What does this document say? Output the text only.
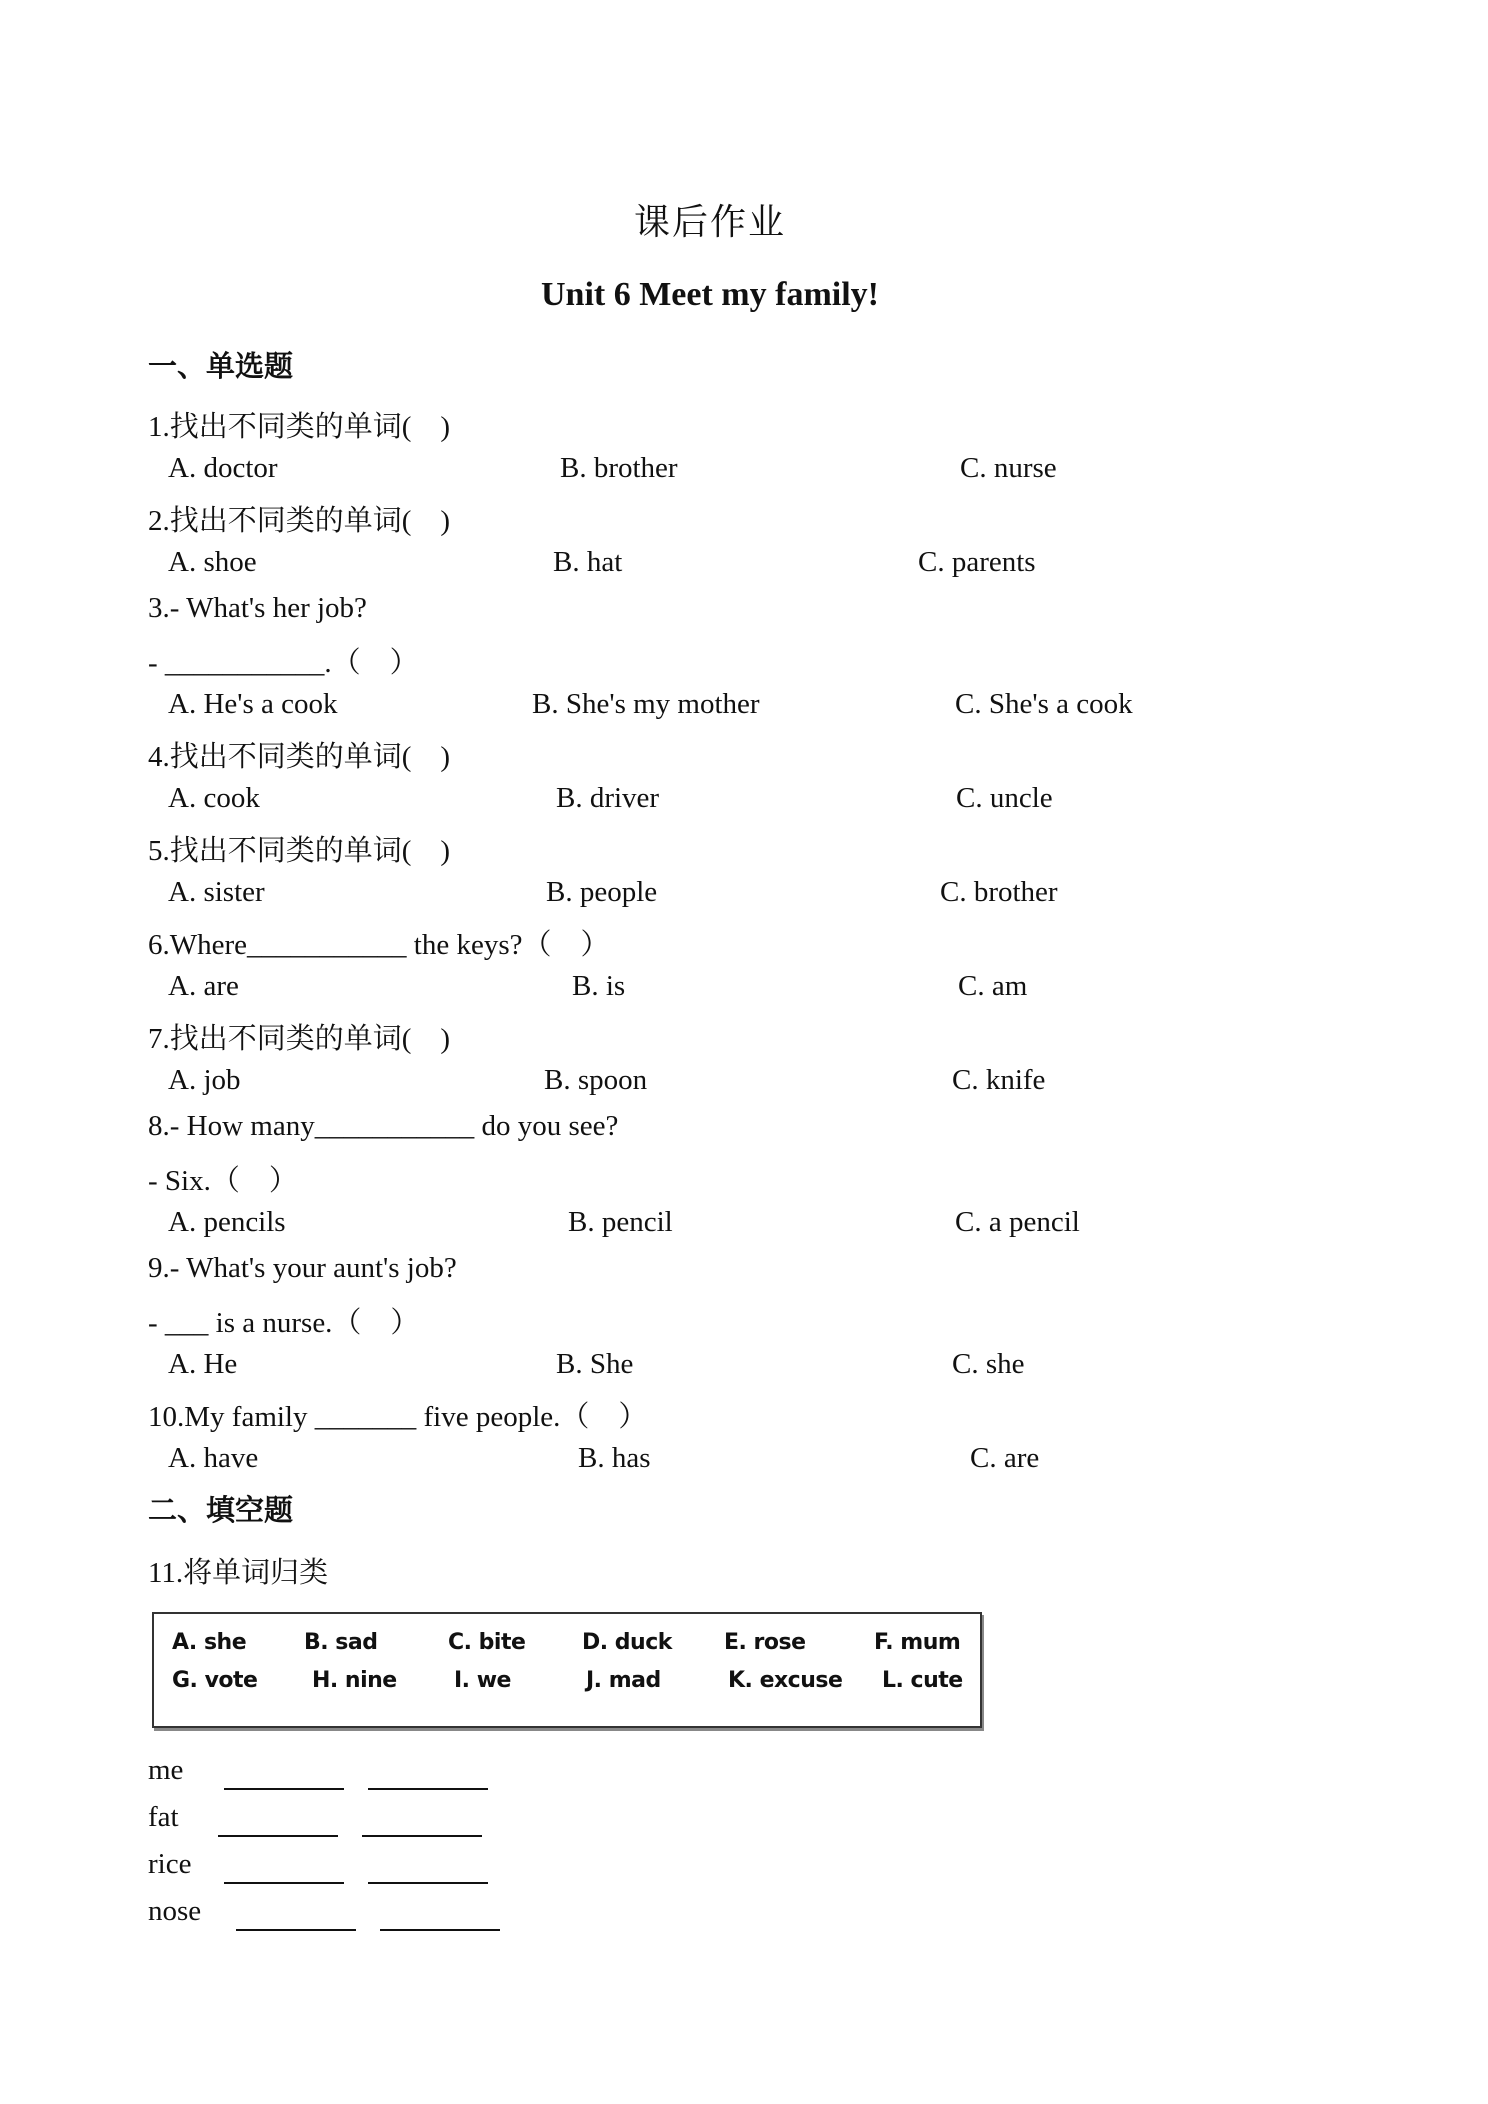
课后作业
Unit 6 Meet my family!
一、单选题
1.找出不同类的单词(    )
A. doctor	B. brother	C. nurse
2.找出不同类的单词(    )
A. shoe	B. hat	C. parents
3.- What's her job?
- ___________.（    ）
A. He's a cook	B. She's my mother	C. She's a cook
4.找出不同类的单词(    )
A. cook	B. driver	C. uncle
5.找出不同类的单词(    )
A. sister	B. people	C. brother
6.Where___________ the keys?（    ）
A. are	B. is	C. am
7.找出不同类的单词(    )
A. job	B. spoon	C. knife
8.- How many___________ do you see?
- Six.（    ）
A. pencils	B. pencil	C. a pencil
9.- What's your aunt's job?
- ___ is a nurse.（    ）
A. He	B. She	C. she
10.My family _______ five people.（    ）
A. have	B. has	C. are
二、填空题
11.将单词归类
A. she	B. sad	C. bite	D. duck E. rose	F. mum
G. vote H. nine	I. we	J. mad	K. excuse L. cute
me
fat
rice
nose
